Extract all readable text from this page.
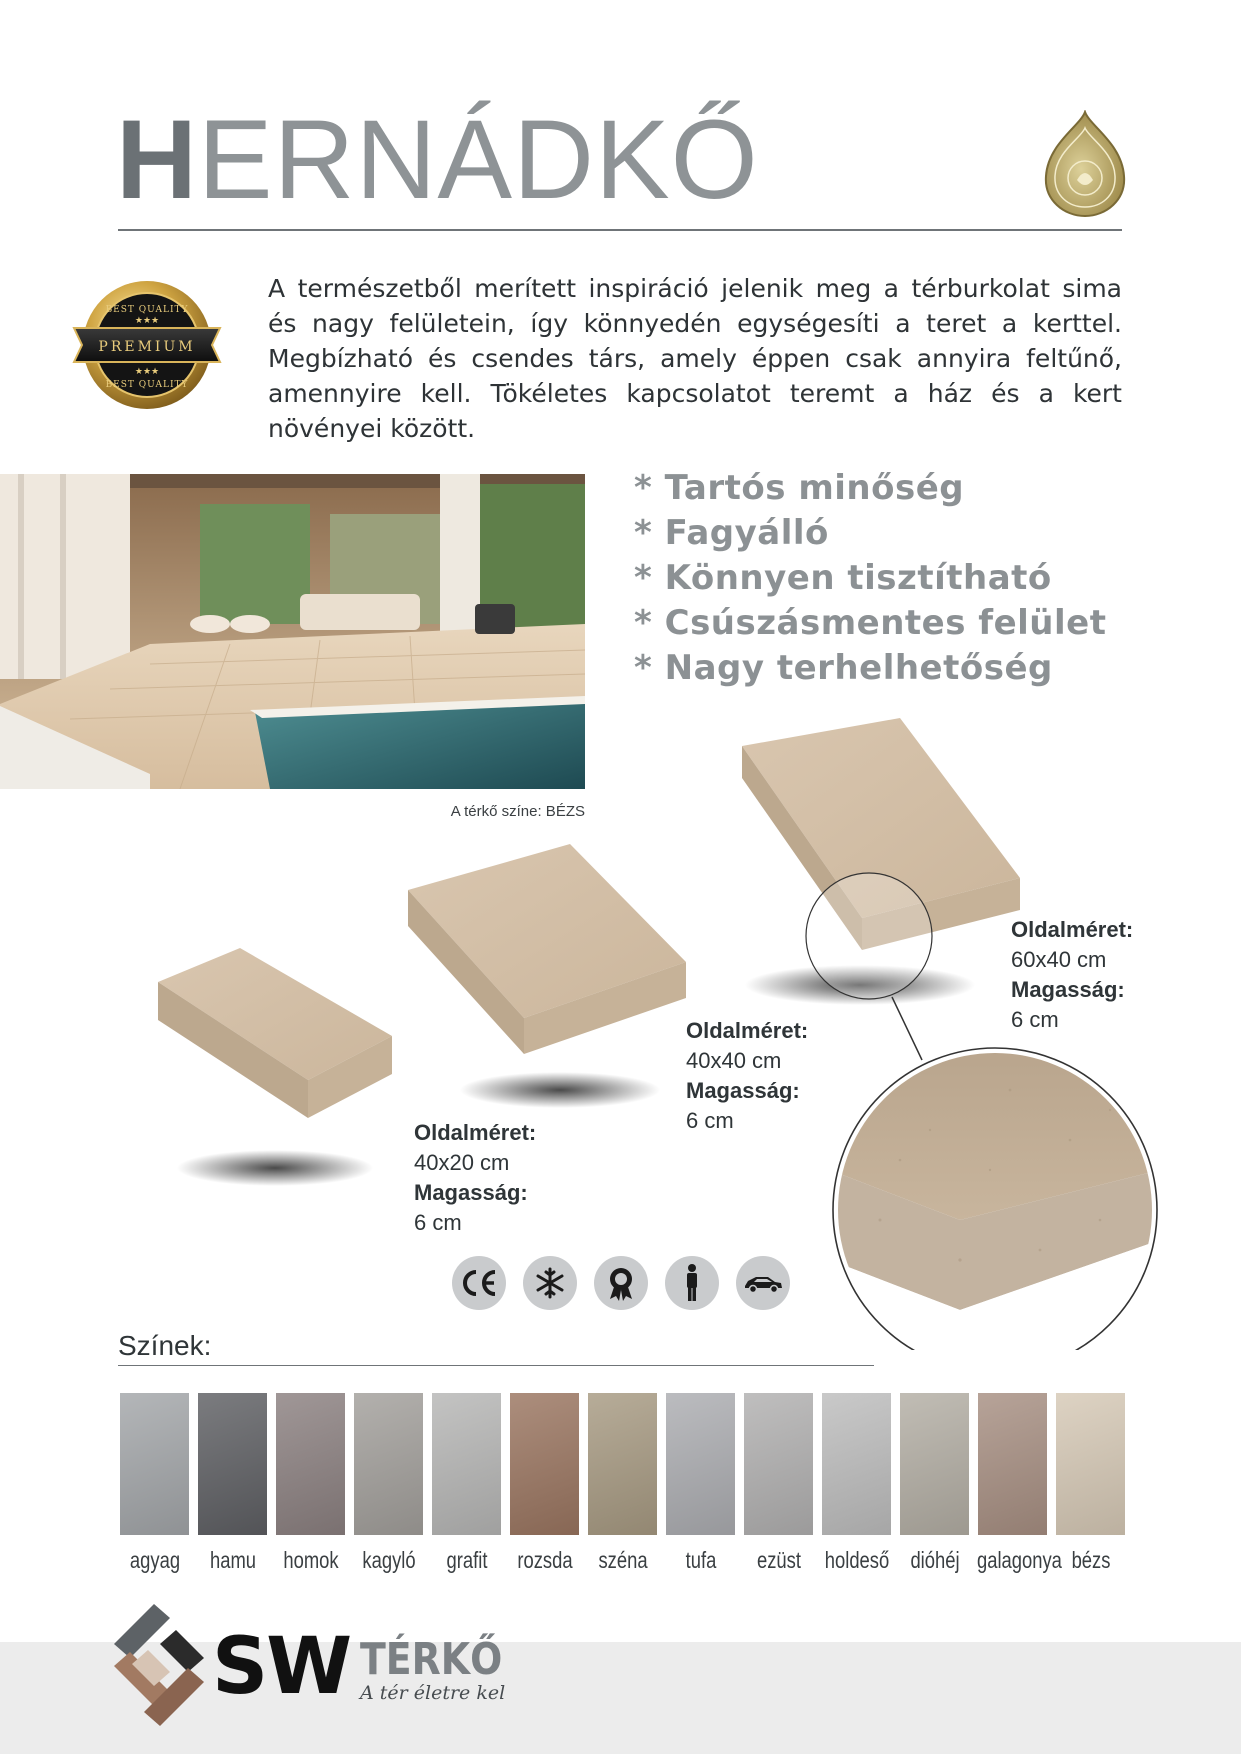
HERNÁDKŐ
PREMIUM
BEST QUALITY
BEST QUALITY
★★★
★★★

A természetből merített inspiráció jelenik meg a térburkolat sima és nagy felületein, így könnyedén egységesíti a teret a kerttel. Megbízható és csendes társ, amely éppen csak annyira feltűnő, amennyire kell. Tökéletes kapcsolatot teremt a ház és a kert növényei között.

A térkő színe: BÉZS
* Tartós minőség
* Fagyálló
* Könnyen tisztítható
* Csúszásmentes felület
* Nagy terhelhetőség
Oldalméret:
40x20 cm
Magasság:
6 cm
Oldalméret:
40x40 cm
Magasság:
6 cm
Oldalméret:
60x40 cm
Magasság:
6 cm
Színek:
agyag	hamu	homok	kagyló	grafit	rozsda	széna	tufa	ezüst	holdeső dióhéj galagonya bézs
SW TÉRKŐ
A tér életre kel
